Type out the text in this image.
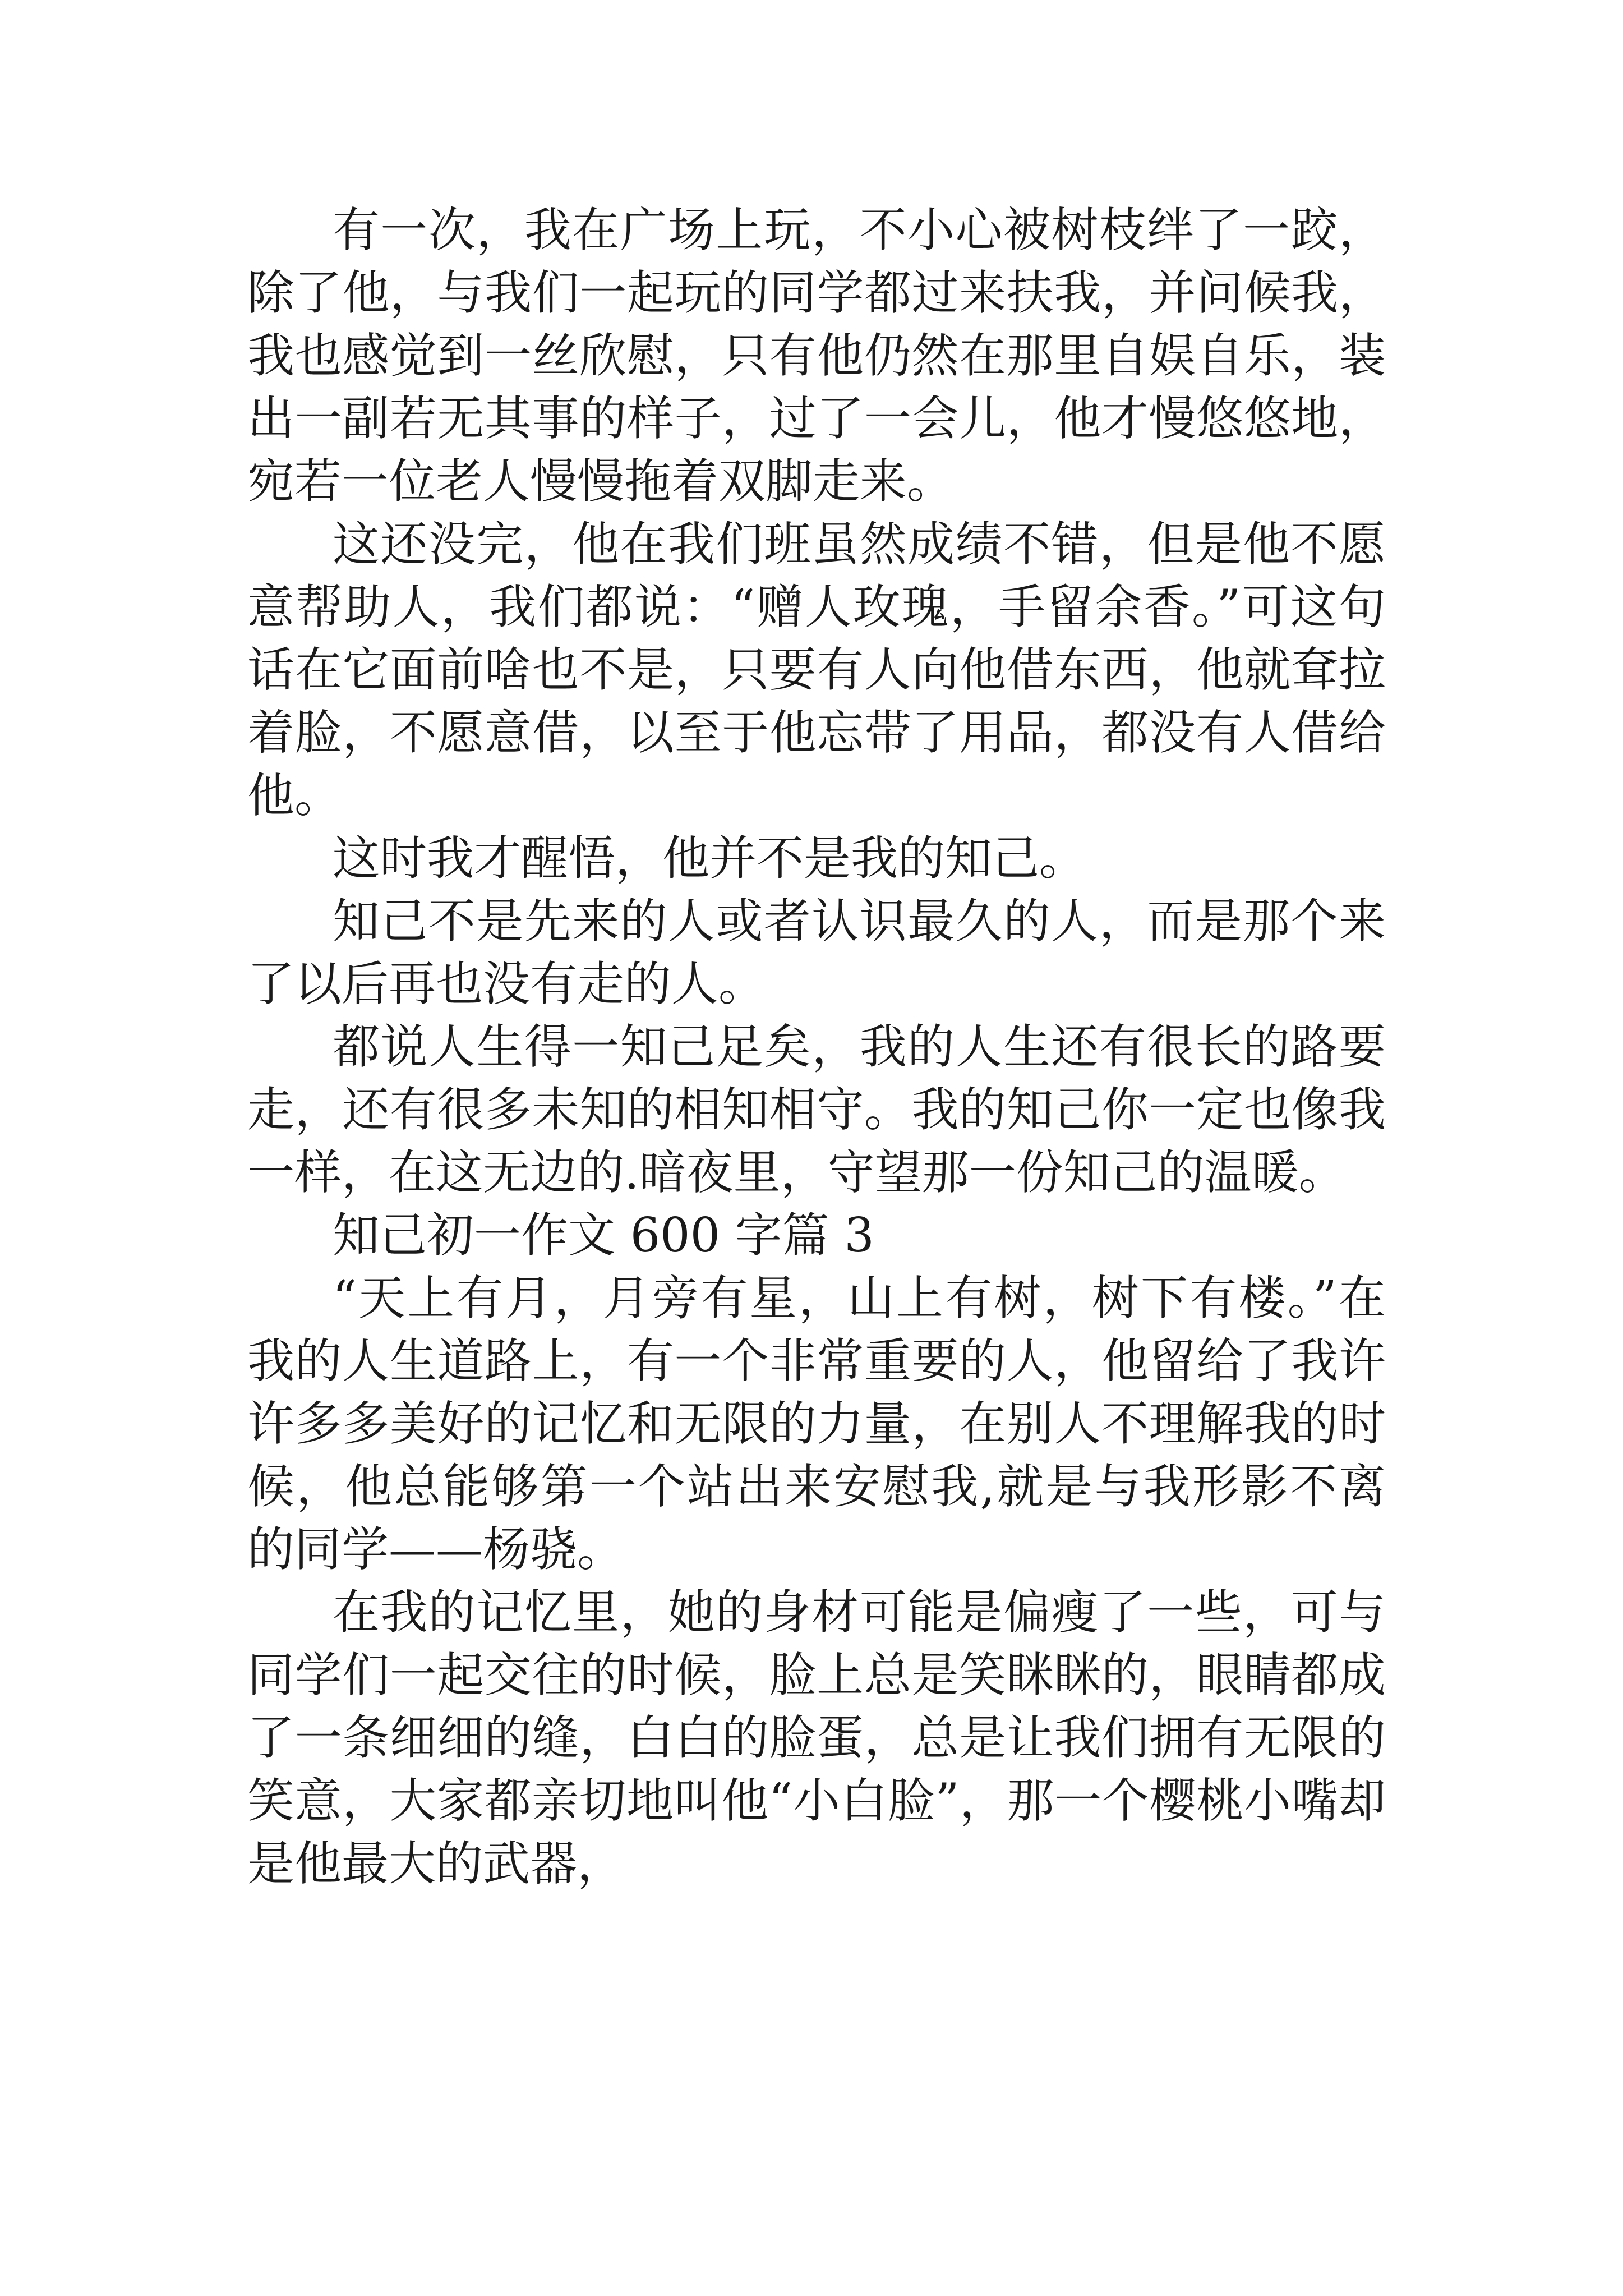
有一次，我在广场上玩，不小心被树枝绊了一跤，除了他，与我们一起玩的同学都过来扶我，并问候我，我也感觉到一丝欣慰，只有他仍然在那里自娱自乐，装出一副若无其事的样子，过了一会儿，他才慢悠悠地，宛若一位老人慢慢拖着双脚走来。

这还没完，他在我们班虽然成绩不错，但是他不愿意帮助人，我们都说：“赠人玫瑰，手留余香。”可这句话在它面前啥也不是，只要有人向他借东西，他就耷拉着脸，不愿意借，以至于他忘带了用品，都没有人借给他。

这时我才醒悟，他并不是我的知己。

知己不是先来的人或者认识最久的人，而是那个来了以后再也没有走的人。

都说人生得一知己足矣，我的人生还有很长的路要走，还有很多未知的相知相守。我的知己你一定也像我一样，在这无边的.暗夜里，守望那一份知己的温暖。

知己初一作文 600 字篇 3

“天上有月，月旁有星，山上有树，树下有楼。”在我的人生道路上，有一个非常重要的人，他留给了我许许多多美好的记忆和无限的力量，在别人不理解我的时候，他总能够第一个站出来安慰我,就是与我形影不离的同学——杨骁。

在我的记忆里，她的身材可能是偏瘦了一些，可与同学们一起交往的时候，脸上总是笑眯眯的，眼睛都成了一条细细的缝，白白的脸蛋，总是让我们拥有无限的笑意，大家都亲切地叫他“小白脸”，那一个樱桃小嘴却是他最大的武器，
